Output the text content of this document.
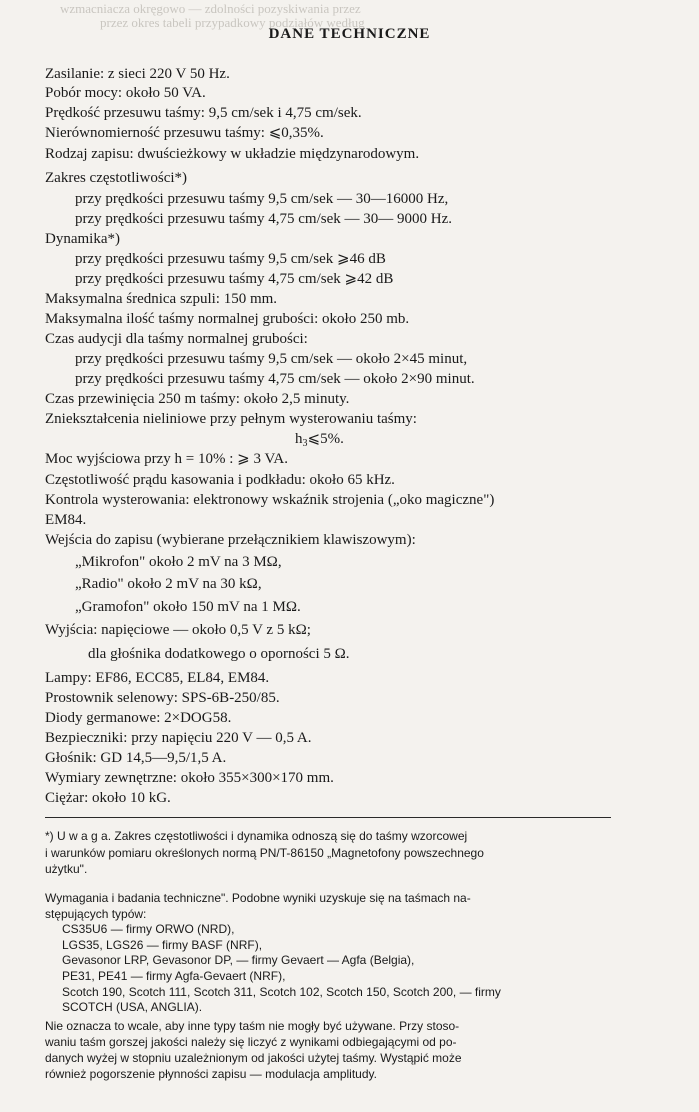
wzmacniacza okręgowo — zdolności pozyskiwania przez
przez okres tabeli przypadkowy podziałów według
DANE TECHNICZNE
Zasilanie: z sieci 220 V 50 Hz.
Pobór mocy: około 50 VA.
Prędkość przesuwu taśmy: 9,5 cm/sek i 4,75 cm/sek.
Nierównomierność przesuwu taśmy: ⩽0,35%.
Rodzaj zapisu: dwuścieżkowy w układzie międzynarodowym.
Zakres częstotliwości*)
przy prędkości przesuwu taśmy 9,5 cm/sek — 30—16000 Hz,
przy prędkości przesuwu taśmy 4,75 cm/sek — 30— 9000 Hz.
Dynamika*)
przy prędkości przesuwu taśmy 9,5 cm/sek ⩾46 dB
przy prędkości przesuwu taśmy 4,75 cm/sek ⩾42 dB
Maksymalna średnica szpuli: 150 mm.
Maksymalna ilość taśmy normalnej grubości: około 250 mb.
Czas audycji dla taśmy normalnej grubości:
przy prędkości przesuwu taśmy 9,5 cm/sek — około 2×45 minut,
przy prędkości przesuwu taśmy 4,75 cm/sek — około 2×90 minut.
Czas przewinięcia 250 m taśmy: około 2,5 minuty.
Zniekształcenia nieliniowe przy pełnym wysterowaniu taśmy:
$h_3⩽5\%$.
Moc wyjściowa przy h = 10% : ⩾ 3 VA.
Częstotliwość prądu kasowania i podkładu: około 65 kHz.
Kontrola wysterowania: elektronowy wskaźnik strojenia („oko magiczne")
EM84.
Wejścia do zapisu (wybierane przełącznikiem klawiszowym):
„Mikrofon" około 2 mV na 3 MΩ,
„Radio" około 2 mV na 30 kΩ,
„Gramofon" około 150 mV na 1 MΩ.
Wyjścia: napięciowe — około 0,5 V z 5 kΩ;
dla głośnika dodatkowego o oporności 5 Ω.
Lampy: EF86, ECC85, EL84, EM84.
Prostownik selenowy: SPS-6B-250/85.
Diody germanowe: 2×DOG58.
Bezpieczniki: przy napięciu 220 V — 0,5 A.
Głośnik: GD 14,5—9,5/1,5 A.
Wymiary zewnętrzne: około 355×300×170 mm.
Ciężar: około 10 kG.
*) U w a g a. Zakres częstotliwości i dynamika odnoszą się do taśmy wzorcowej
i warunków pomiaru określonych normą PN/T-86150 „Magnetofony powszechnego
użytku".
Wymagania i badania techniczne". Podobne wyniki uzyskuje się na taśmach na-
stępujących typów:
CS35U6 — firmy ORWO (NRD),
LGS35, LGS26 — firmy BASF (NRF),
Gevasonor LRP, Gevasonor DP, — firmy Gevaert — Agfa (Belgia),
PE31, PE41 — firmy Agfa-Gevaert (NRF),
Scotch 190, Scotch 111, Scotch 311, Scotch 102, Scotch 150, Scotch 200, — firmy
SCOTCH (USA, ANGLIA).
Nie oznacza to wcale, aby inne typy taśm nie mogły być używane. Przy stoso-
waniu taśm gorszej jakości należy się liczyć z wynikami odbiegającymi od po-
danych wyżej w stopniu uzależnionym od jakości użytej taśmy. Wystąpić może
również pogorszenie płynności zapisu — modulacja amplitudy.
